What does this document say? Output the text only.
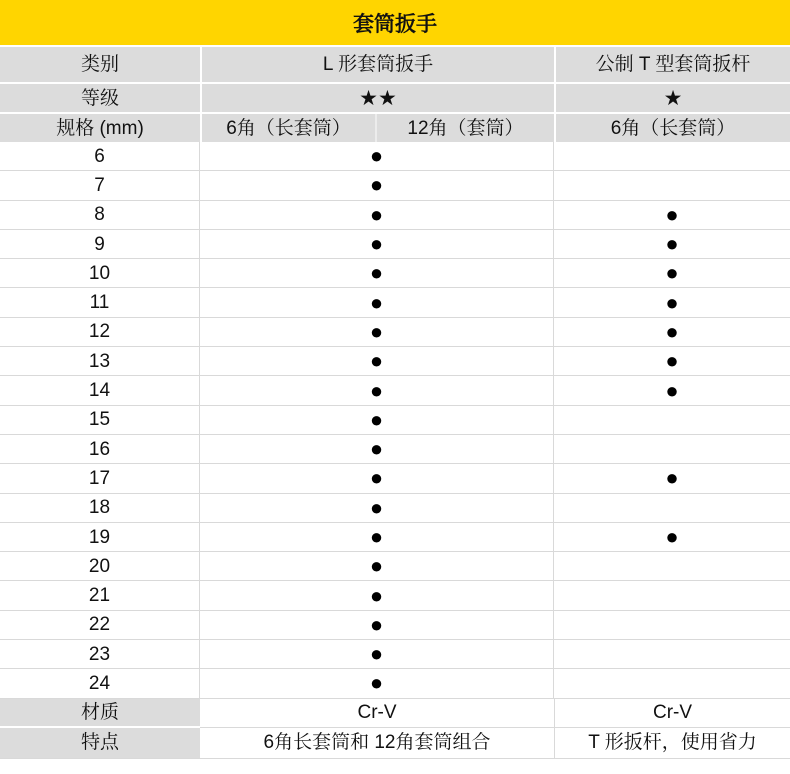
套筒扳手
类别	L 形套筒扳手	公制 T 型套筒扳杆
等级	★★	★
规格 (mm)	6角（长套筒）	12角（套筒）	6角（长套筒）
6	●
7	●
8	●	●
9	●	●
10	●	●
11	●	●
12	●	●
13	●	●
14	●	●
15	●
16	●
17	●	●
18	●
19	●	●
20	●
21	●
22	●
23	●
24	●
材质	Cr-V	Cr-V
特点	6角长套筒和 12角套筒组合	T 形扳杆，使用省力
